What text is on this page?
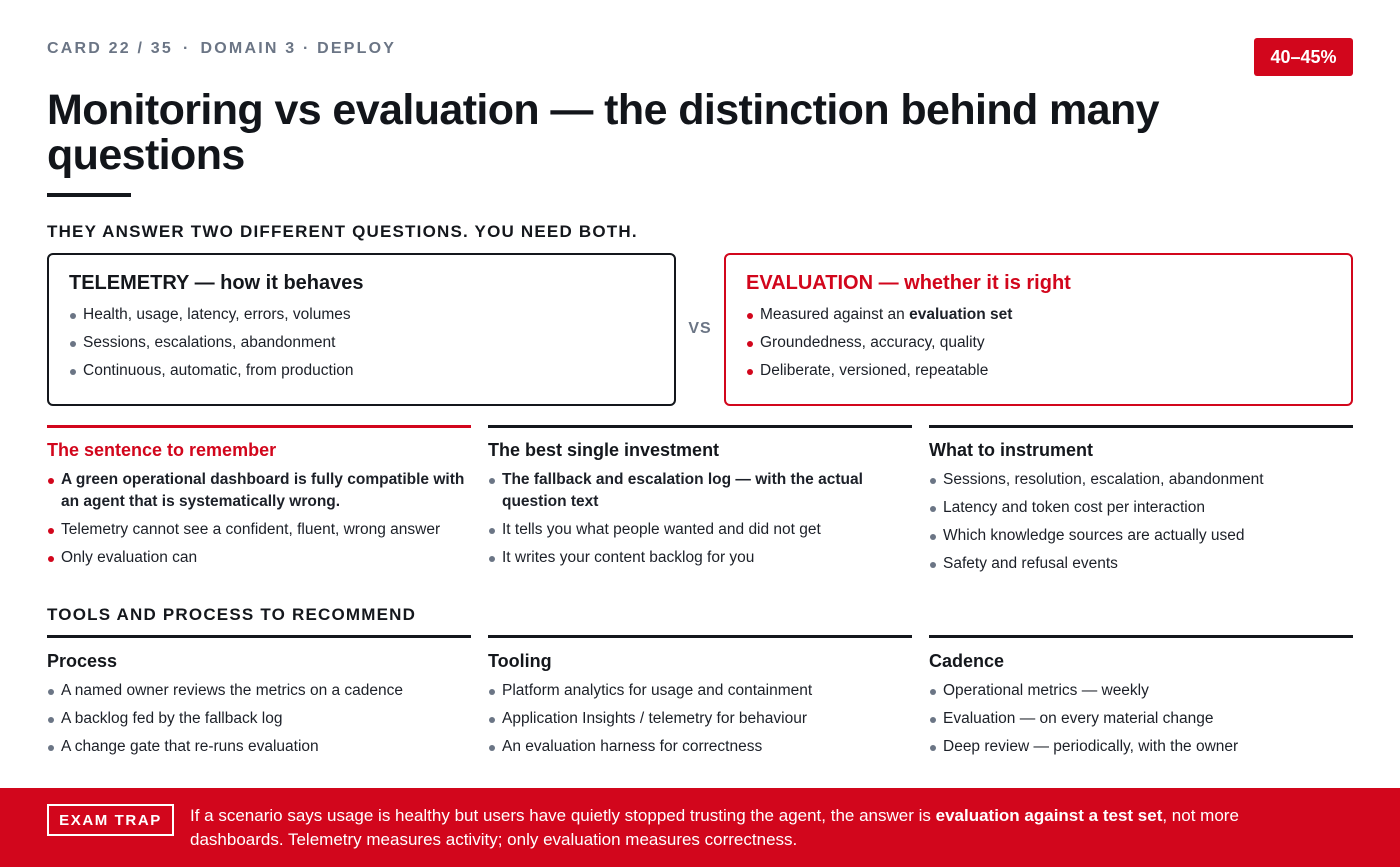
CARD 22 / 35 · DOMAIN 3 · DEPLOY	40–45%
Monitoring vs evaluation — the distinction behind many questions
THEY ANSWER TWO DIFFERENT QUESTIONS. YOU NEED BOTH.
TELEMETRY — how it behaves
Health, usage, latency, errors, volumes
Sessions, escalations, abandonment
Continuous, automatic, from production
VS
EVALUATION — whether it is right
Measured against an evaluation set
Groundedness, accuracy, quality
Deliberate, versioned, repeatable
The sentence to remember
A green operational dashboard is fully compatible with an agent that is systematically wrong.
Telemetry cannot see a confident, fluent, wrong answer
Only evaluation can
The best single investment
The fallback and escalation log — with the actual question text
It tells you what people wanted and did not get
It writes your content backlog for you
What to instrument
Sessions, resolution, escalation, abandonment
Latency and token cost per interaction
Which knowledge sources are actually used
Safety and refusal events
TOOLS AND PROCESS TO RECOMMEND
Process
A named owner reviews the metrics on a cadence
A backlog fed by the fallback log
A change gate that re-runs evaluation
Tooling
Platform analytics for usage and containment
Application Insights / telemetry for behaviour
An evaluation harness for correctness
Cadence
Operational metrics — weekly
Evaluation — on every material change
Deep review — periodically, with the owner
EXAM TRAP	If a scenario says usage is healthy but users have quietly stopped trusting the agent, the answer is evaluation against a test set, not more dashboards. Telemetry measures activity; only evaluation measures correctness.
